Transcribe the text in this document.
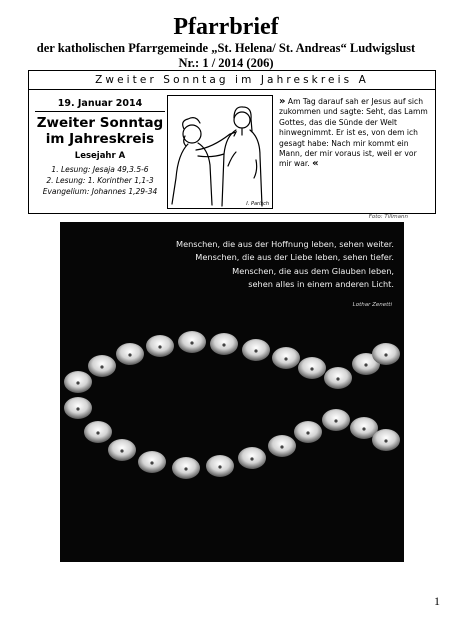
Pfarrbrief
der katholischen Pfarrgemeinde „St. Helena/ St. Andreas“ Ludwigslust
Nr.: 1 / 2014 (206)
Zweiter Sonntag im Jahreskreis A
19. Januar 2014
Zweiter Sonntag
im Jahreskreis
Lesejahr A
1. Lesung: Jesaja 49,3.5-6
2. Lesung: 1. Korinther 1,1-3
Evangelium: Johannes 1,29-34
I. Parisch
» Am Tag darauf sah er Jesus auf sich zukommen und sagte: Seht, das Lamm Gottes, das die Sünde der Welt hinwegnimmt. Er ist es, von dem ich gesagt habe: Nach mir kommt ein Mann, der mir voraus ist, weil er vor mir war. «
Foto: Tillmann
Menschen, die aus der Hoffnung leben, sehen weiter.
Menschen, die aus der Liebe leben, sehen tiefer.
Menschen, die aus dem Glauben leben,
sehen alles in einem anderen Licht.
Lothar Zenetti
1
